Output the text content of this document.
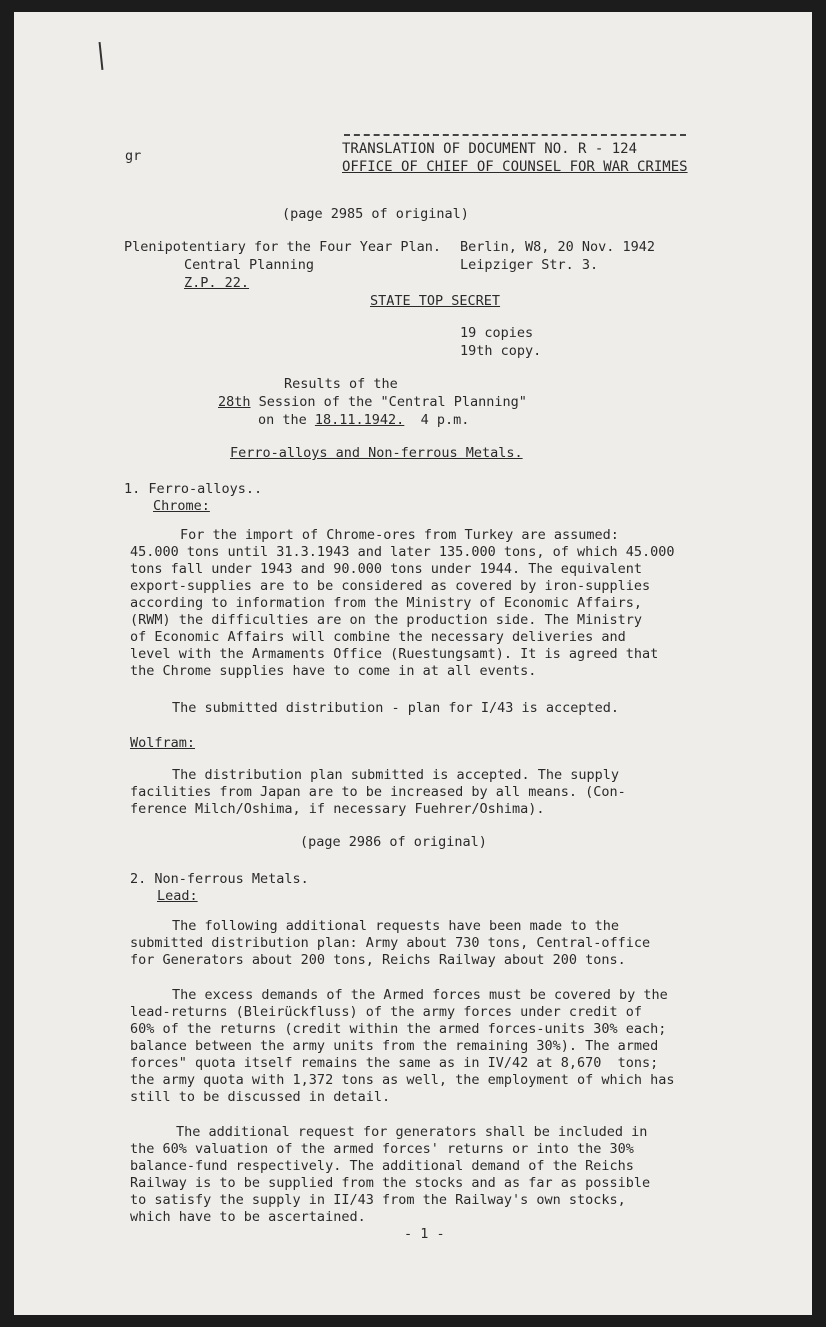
gr	TRANSLATION OF DOCUMENT NO. R - 124
OFFICE OF CHIEF OF COUNSEL FOR WAR CRIMES
(page 2985 of original)
Plenipotentiary for the Four Year Plan.
Central Planning
Z.P. 22.
Berlin, W8, 20 Nov. 1942
Leipziger Str. 3.
STATE TOP SECRET
19 copies
19th copy.
Results of the
28th Session of the "Central Planning"
on the 18.11.1942.  4 p.m.
Ferro-alloys and Non-ferrous Metals.
1. Ferro-alloys..
Chrome:
For the import of Chrome-ores from Turkey are assumed:
45.000 tons until 31.3.1943 and later 135.000 tons, of which 45.000
tons fall under 1943 and 90.000 tons under 1944. The equivalent
export-supplies are to be considered as covered by iron-supplies
according to information from the Ministry of Economic Affairs,
(RWM) the difficulties are on the production side. The Ministry
of Economic Affairs will combine the necessary deliveries and
level with the Armaments Office (Ruestungsamt). It is agreed that
the Chrome supplies have to come in at all events.
The submitted distribution - plan for I/43 is accepted.
Wolfram:
The distribution plan submitted is accepted. The supply
facilities from Japan are to be increased by all means. (Con-
ference Milch/Oshima, if necessary Fuehrer/Oshima).
(page 2986 of original)
2. Non-ferrous Metals.
Lead:
The following additional requests have been made to the
submitted distribution plan: Army about 730 tons, Central-office
for Generators about 200 tons, Reichs Railway about 200 tons.
The excess demands of the Armed forces must be covered by the
lead-returns (Bleirückfluss) of the army forces under credit of
60% of the returns (credit within the armed forces-units 30% each;
balance between the army units from the remaining 30%). The armed
forces" quota itself remains the same as in IV/42 at 8,670  tons;
the army quota with 1,372 tons as well, the employment of which has
still to be discussed in detail.
The additional request for generators shall be included in
the 60% valuation of the armed forces' returns or into the 30%
balance-fund respectively. The additional demand of the Reichs
Railway is to be supplied from the stocks and as far as possible
to satisfy the supply in II/43 from the Railway's own stocks,
which have to be ascertained.
- 1 -
